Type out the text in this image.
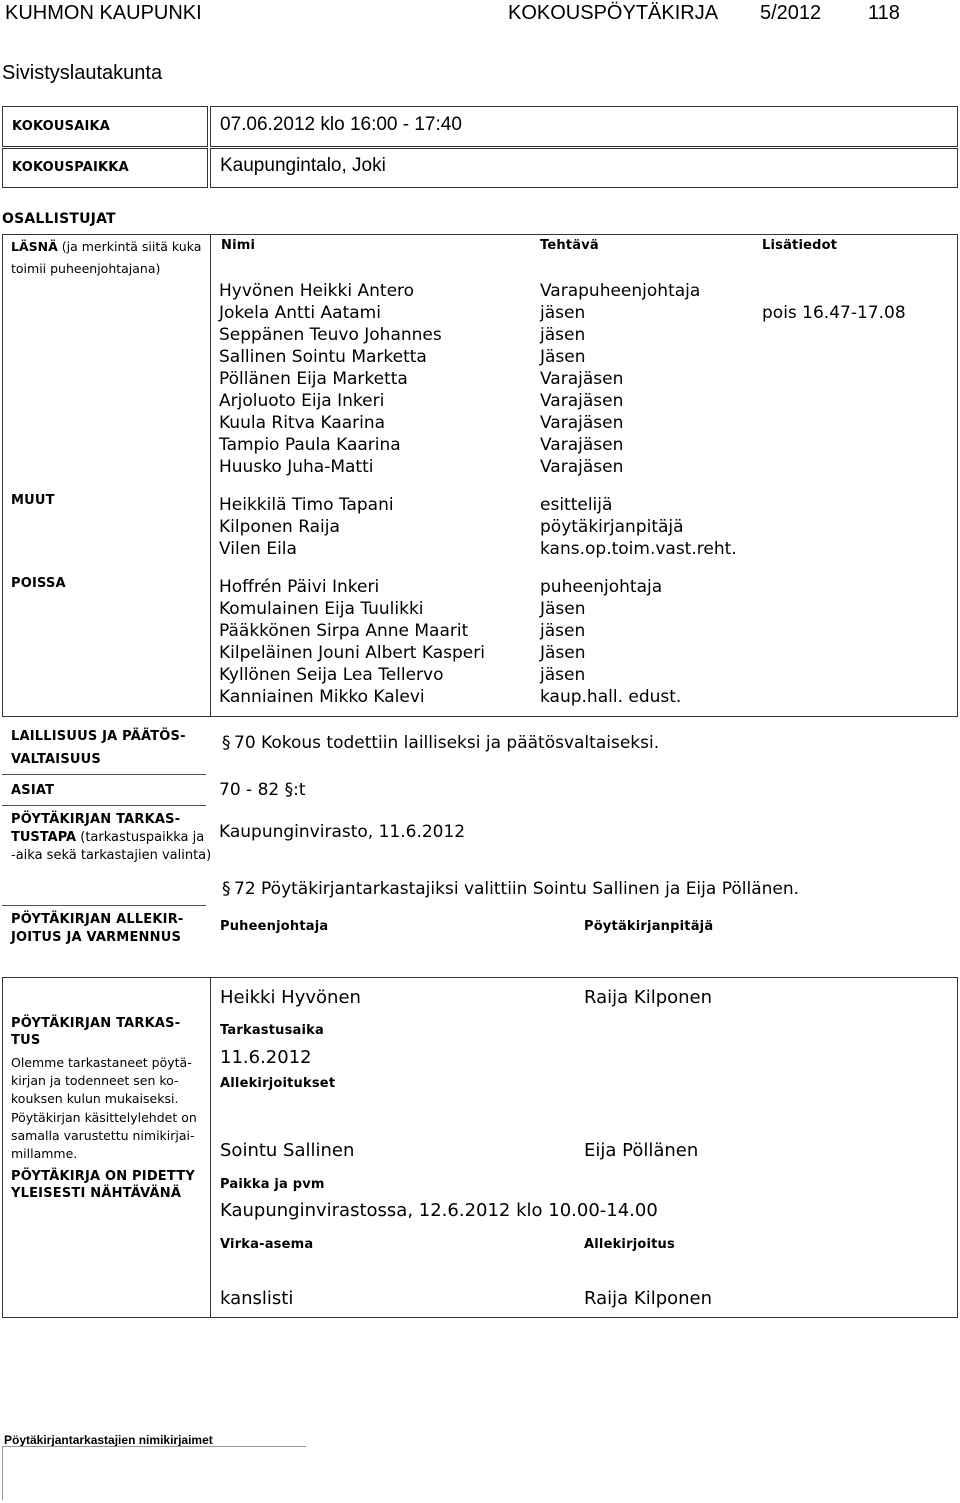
KUHMON KAUPUNKI	KOKOUSPÖYTÄKIRJA 5/2012 118
Sivistyslautakunta
KOKOUSAIKA	07.06.2012 klo 16:00 - 17:40
KOKOUSPAIKKA	Kaupungintalo, Joki
OSALLISTUJAT
LÄSNÄ (ja merkintä siitä kuka toimii puheenjohtajana)
Nimi	Tehtävä	Lisätiedot
Hyvönen Heikki Antero	Varapuheenjohtaja
Jokela Antti Aatami	jäsen	pois 16.47-17.08
Seppänen Teuvo Johannes	jäsen
Sallinen Sointu Marketta	Jäsen
Pöllänen Eija Marketta	Varajäsen
Arjoluoto Eija Inkeri	Varajäsen
Kuula Ritva Kaarina	Varajäsen
Tampio Paula Kaarina	Varajäsen
Huusko Juha-Matti	Varajäsen
MUUT	Heikkilä Timo Tapani	esittelijä
Kilponen Raija	pöytäkirjanpitäjä
Vilen Eila	kans.op.toim.vast.reht.
POISSA	Hoffrén Päivi Inkeri	puheenjohtaja
Komulainen Eija Tuulikki	Jäsen
Pääkkönen Sirpa Anne Maarit	jäsen
Kilpeläinen Jouni Albert Kasperi	Jäsen
Kyllönen Seija Lea Tellervo	jäsen
Kanniainen Mikko Kalevi	kaup.hall. edust.
LAILLISUUS JA PÄÄTÖS-
VALTAISUUS
§ 70 Kokous todettiin lailliseksi ja päätösvaltaiseksi.
ASIAT	70 - 82 §:t
PÖYTÄKIRJAN TARKAS-
TUSTAPA (tarkastuspaikka ja
-aika sekä tarkastajien valinta)
Kaupunginvirasto, 11.6.2012
§ 72 Pöytäkirjantarkastajiksi valittiin Sointu Sallinen ja Eija Pöllänen.
PÖYTÄKIRJAN ALLEKIR-
JOITUS JA VARMENNUS
Puheenjohtaja	Pöytäkirjanpitäjä
Heikki Hyvönen	Raija Kilponen
PÖYTÄKIRJAN TARKAS-
TUS
Olemme tarkastaneet pöytä-
kirjan ja todenneet sen ko-
kouksen kulun mukaiseksi.
Pöytäkirjan käsittelylehdet on
samalla varustettu nimikirjai-
millamme.
PÖYTÄKIRJA ON PIDETTY
YLEISESTI NÄHTÄVÄNÄ
Tarkastusaika
11.6.2012
Allekirjoitukset
Sointu Sallinen	Eija Pöllänen
Paikka ja pvm
Kaupunginvirastossa, 12.6.2012 klo 10.00-14.00
Virka-asema	Allekirjoitus
kanslisti	Raija Kilponen
Pöytäkirjantarkastajien nimikirjaimet
